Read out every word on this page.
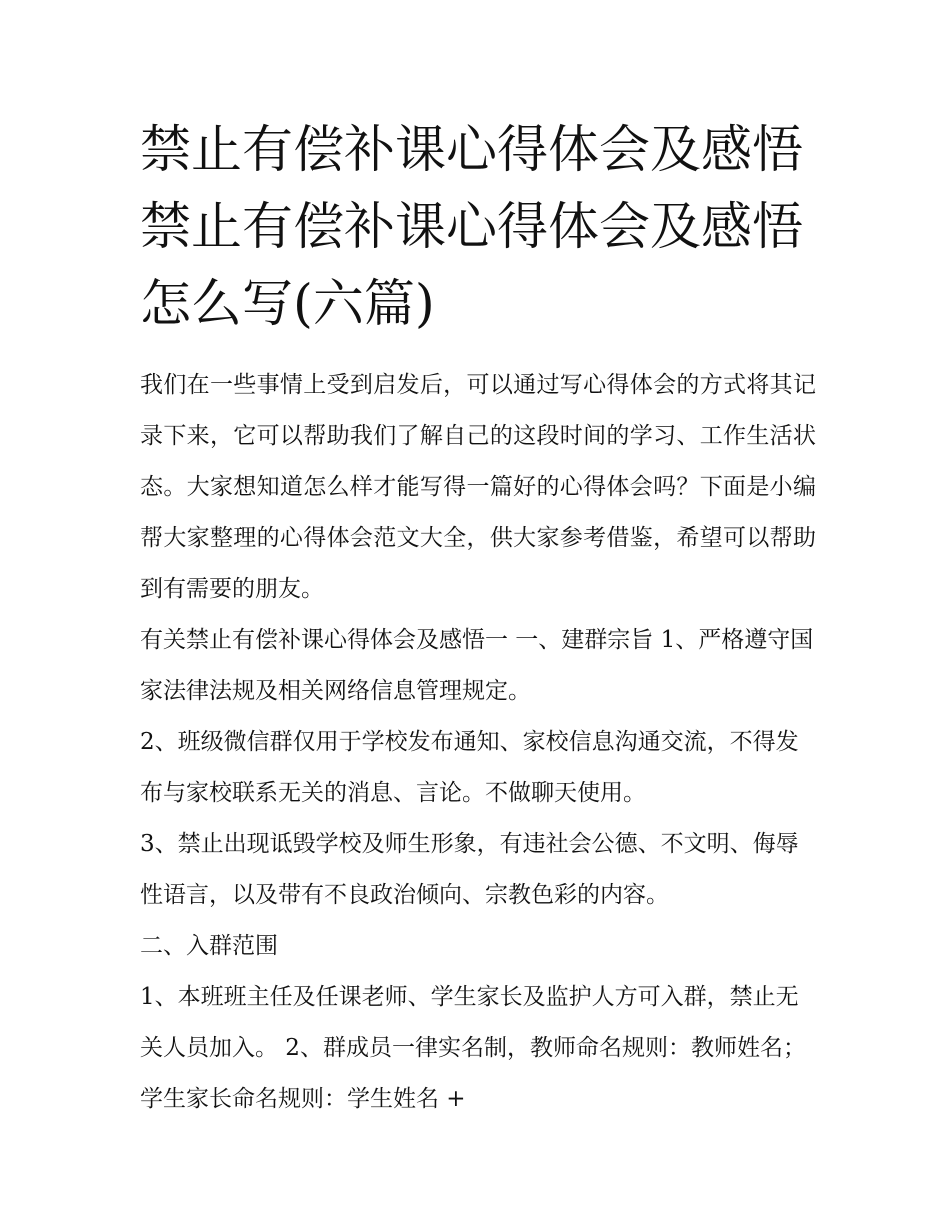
禁止有偿补课心得体会及感悟
禁止有偿补课心得体会及感悟
怎么写(六篇)

我们在一些事情上受到启发后，可以通过写心得体会的方式将其记录下来，它可以帮助我们了解自己的这段时间的学习、工作生活状态。大家想知道怎么样才能写得一篇好的心得体会吗？下面是小编帮大家整理的心得体会范文大全，供大家参考借鉴，希望可以帮助到有需要的朋友。

有关禁止有偿补课心得体会及感悟一 一、建群宗旨 1、严格遵守国家法律法规及相关网络信息管理规定。

2、班级微信群仅用于学校发布通知、家校信息沟通交流，不得发布与家校联系无关的消息、言论。不做聊天使用。

3、禁止出现诋毁学校及师生形象，有违社会公德、不文明、侮辱性语言，以及带有不良政治倾向、宗教色彩的内容。

二、入群范围

1、本班班主任及任课老师、学生家长及监护人方可入群，禁止无关人员加入。 2、群成员一律实名制，教师命名规则：教师姓名；学生家长命名规则：学生姓名 +
